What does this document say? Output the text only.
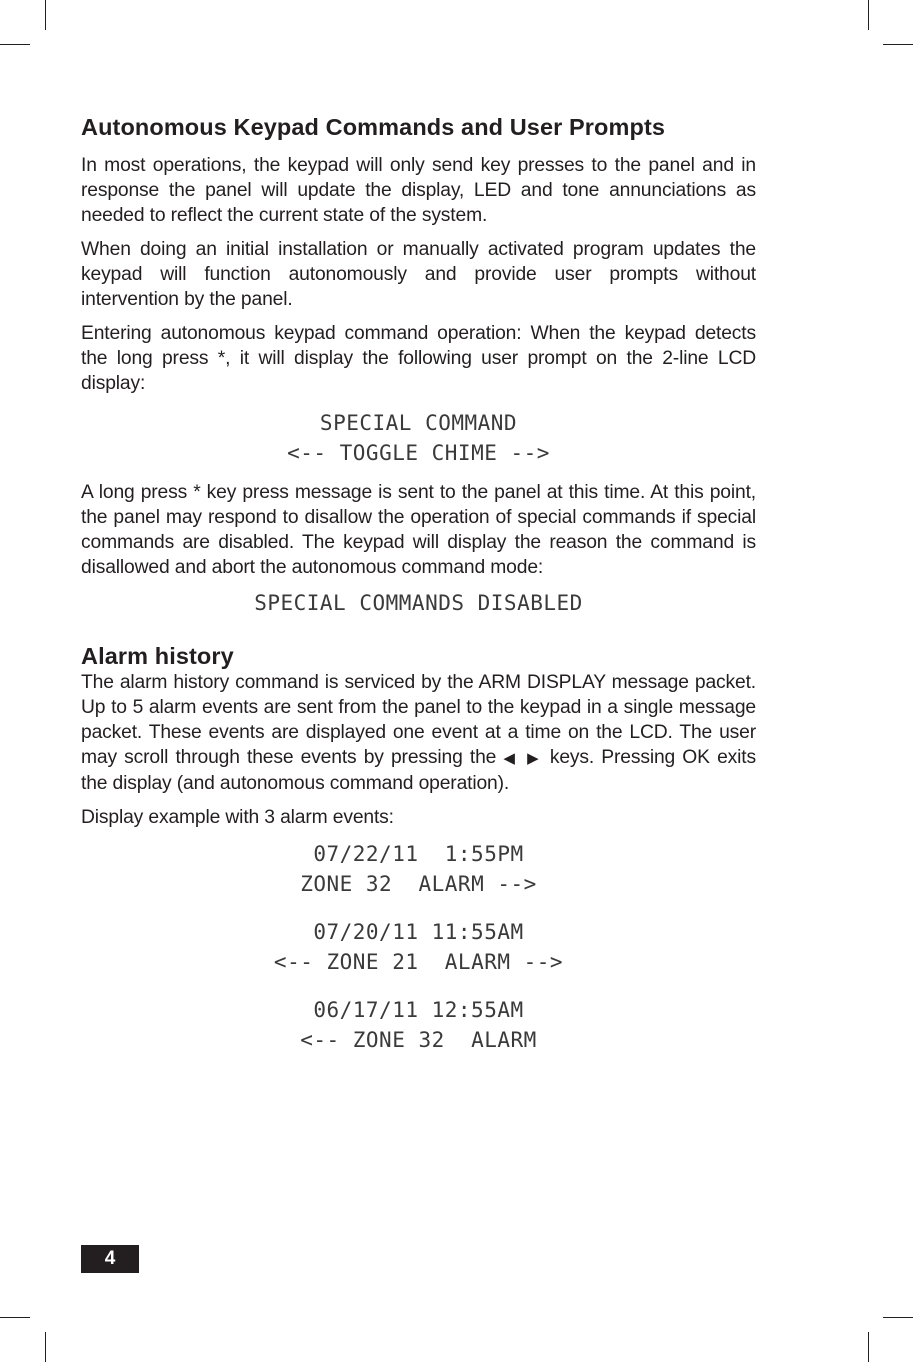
Autonomous Keypad Commands and User Prompts

In most operations, the keypad will only send key presses to the panel and in response the panel will update the display, LED and tone annunciations as needed to reflect the current state of the system.

When doing an initial installation or manually activated program updates the keypad will function autonomously and provide user prompts without intervention by the panel.

Entering autonomous keypad command operation: When the keypad detects the long press *, it will display the following user prompt on the 2-line LCD display:

SPECIAL COMMAND
<-- TOGGLE CHIME -->

A long press * key press message is sent to the panel at this time. At this point, the panel may respond to disallow the operation of special commands if special commands are disabled. The keypad will display the reason the command is disallowed and abort the autonomous command mode:

SPECIAL COMMANDS DISABLED
Alarm history

The alarm history command is serviced by the ARM DISPLAY message packet. Up to 5 alarm events are sent from the panel to the keypad in a single message packet. These events are displayed one event at a time on the LCD. The user may scroll through these events by pressing the ◀ ▶ keys. Pressing OK exits the display (and autonomous command operation).

Display example with 3 alarm events:

07/22/11  1:55PM
ZONE 32  ALARM -->
07/20/11 11:55AM
<-- ZONE 21  ALARM -->
06/17/11 12:55AM
<-- ZONE 32  ALARM
4
